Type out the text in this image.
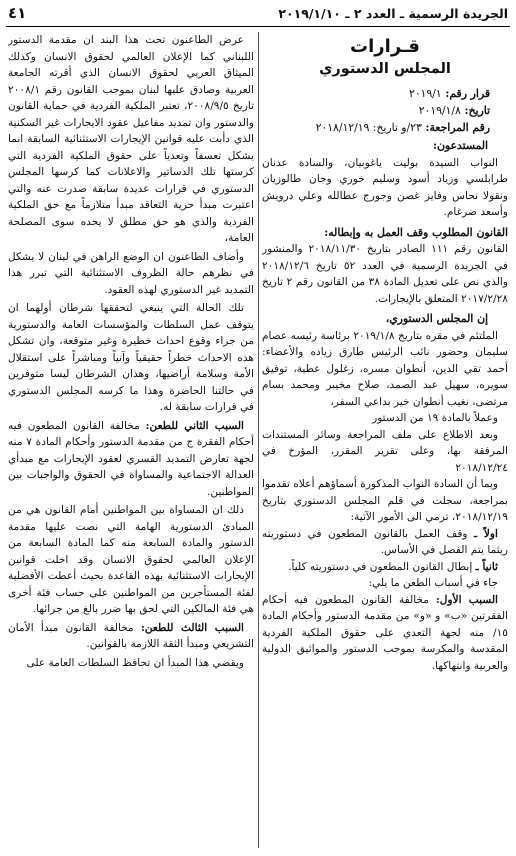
الجريدة الرسمية ـ العدد ٢ ـ ٢٠١٩/١/١٠
٤١
قـرارات
المجلس الدستوري
قرار رقم: ٢٠١٩/١
تاريخ: ٢٠١٩/١/٨
رقم المراجعة: ٢٣/و تاريخ: ٢٠١٨/١٢/١٩
المستدعون:

النواب السيدة بوليت ياغوبيان، والسادة عدنان طرابلسي وزياد أسود وسليم خوري وجان طالوزيان ونقولا نحاس وفايز غصن وجورج عطالله وعلي درويش وأسعد ضرغام.

القانون المطلوب وقف العمل به وإبطاله:

القانون رقم ١١١ الصادر بتاريخ ٢٠١٨/١١/٣٠ والمنشور في الجريدة الرسمية في العدد ٥٢ تاريخ ٢٠١٨/١٢/٦ والذي نص على تعديل المادة ٣٨ من القانون رقم ٢ تاريخ ٢٠١٧/٢/٢٨ المتعلق بالإيجارات.

إن المجلس الدستوري،

الملتئم في مقره بتاريخ ٢٠١٩/١/٨ برئاسة رئيسه عصام سليمان وحضور نائب الرئيس طارق زياده والأعضاء: أحمد تقي الدين، أنطوان مسره، زغلول عطية، توفيق سويره، سهيل عبد الصمد، صلاح مخيبر ومحمد بسام مرتضى، نغيب أنطوان خير بداعي السفر،

وعملاً بالمادة ١٩ من الدستور

وبعد الاطلاع على ملف المراجعة وسائر المستندات المرفقة بها، وعلى تقرير المقرر، المؤرخ في ٢٠١٨/١٢/٢٤

وبما أن السادة النواب المذكورة أسماؤهم أعلاه تقدموا بمراجعة، سجلت في قلم المجلس الدستوري بتاريخ ٢٠١٨/١٢/١٩، ترمي الى الأمور الآتية:

اولاً ـ وقف العمل بالقانون المطعون في دستوريته ريثما يتم الفصل في الأساس.

ثانياً ـ إبطال القانون المطعون في دستوريته كلياً.

جاء في أسباب الطعن ما يلي:

السبب الأول: مخالفة القانون المطعون فيه أحكام الفقرتين «ب» و «و» من مقدمة الدستور وأحكام المادة ١٥/ منه لجهة التعدي على حقوق الملكية الفردية المقدسة والمكرسة بموجب الدستور والمواثيق الدولية والعربية وانتهاكها.

عرض الطاعنون تحت هذا البند ان مقدمة الدستور اللبناني كما الإعلان العالمي لحقوق الانسان وكذلك الميثاق العربي لحقوق الانسان الذي أقرته الجامعة العربية وصادق عليها لبنان بموجب القانون رقم ٢٠٠٨/١ تاريخ ٢٠٠٨/٩/٥، تعتبر الملكية الفردية في حماية القانون والدستور وان تمديد مفاعيل عقود الايجارات غير السكنية الذي دأبت عليه قوانين الإيجارات الاستثنائية السابقة انما يشكل تعسفاً وتعدياً على حقوق الملكية الفردية التي كرستها تلك الدساتير والاعلانات كما كرسها المجلس الدستوري في قرارات عديدة سابقة صدرت عنه والتي اعتبرت مبدأ حرية التعاقد مبدأ متلازماً مع حق الملكية الفردية والذي هو حق مطلق لا يحده سوى المصلحة العامة،

وأضاف الطاعنون ان الوضع الراهن في لبنان لا يشكل في نظرهم حالة الظروف الاستثنائية التي تبرر هذا التمديد غير الدستوري لهذه العقود.

تلك الحالة التي ينبغي لتحققها شرطان أولهما ان يتوقف عمل السلطات والمؤسسات العامة والدستورية من جراء وقوع احداث خطيرة وغير متوقعة، وان تشكل هذه الاحداث خطراً حقيقياً وآنياً ومباشراً على استقلال الأمة وسلامة أراضيها، وهذان الشرطان ليسا متوفرين في حالتنا الحاضرة وهذا ما كرسه المجلس الدستوري في قرارات سابقة له.

السبب الثاني للطعن: مخالفة القانون المطعون فيه أحكام الفقرة ج من مقدمة الدستور وأحكام المادة ٧ منه لجهة تعارض التمديد القسري لعقود الإيجارات مع مبدأي العدالة الاجتماعية والمساواة في الحقوق والواجبات بين المواطنين.

ذلك ان المساواة بين المواطنين أمام القانون هي من المبادئ الدستورية الهامة التي نصت عليها مقدمة الدستور والمادة السابعة منه كما المادة السابعة من الإعلان العالمي لحقوق الانسان وقد اخلت قوانين الإيجارات الاستثنائية بهذه القاعدة بحيث أعطت الأفضلية لفئة المستأجرين من المواطنين على حساب فئة أخرى هي فئة المالكين التي لحق بها ضرر بالغ من جرائها.

السبب الثالث للطعن: مخالفة القانون مبدأ الأمان التشريعي ومبدأ الثقة اللازمة بالقوانين.

ويقضي هذا المبدأ ان تحافظ السلطات العامة على
